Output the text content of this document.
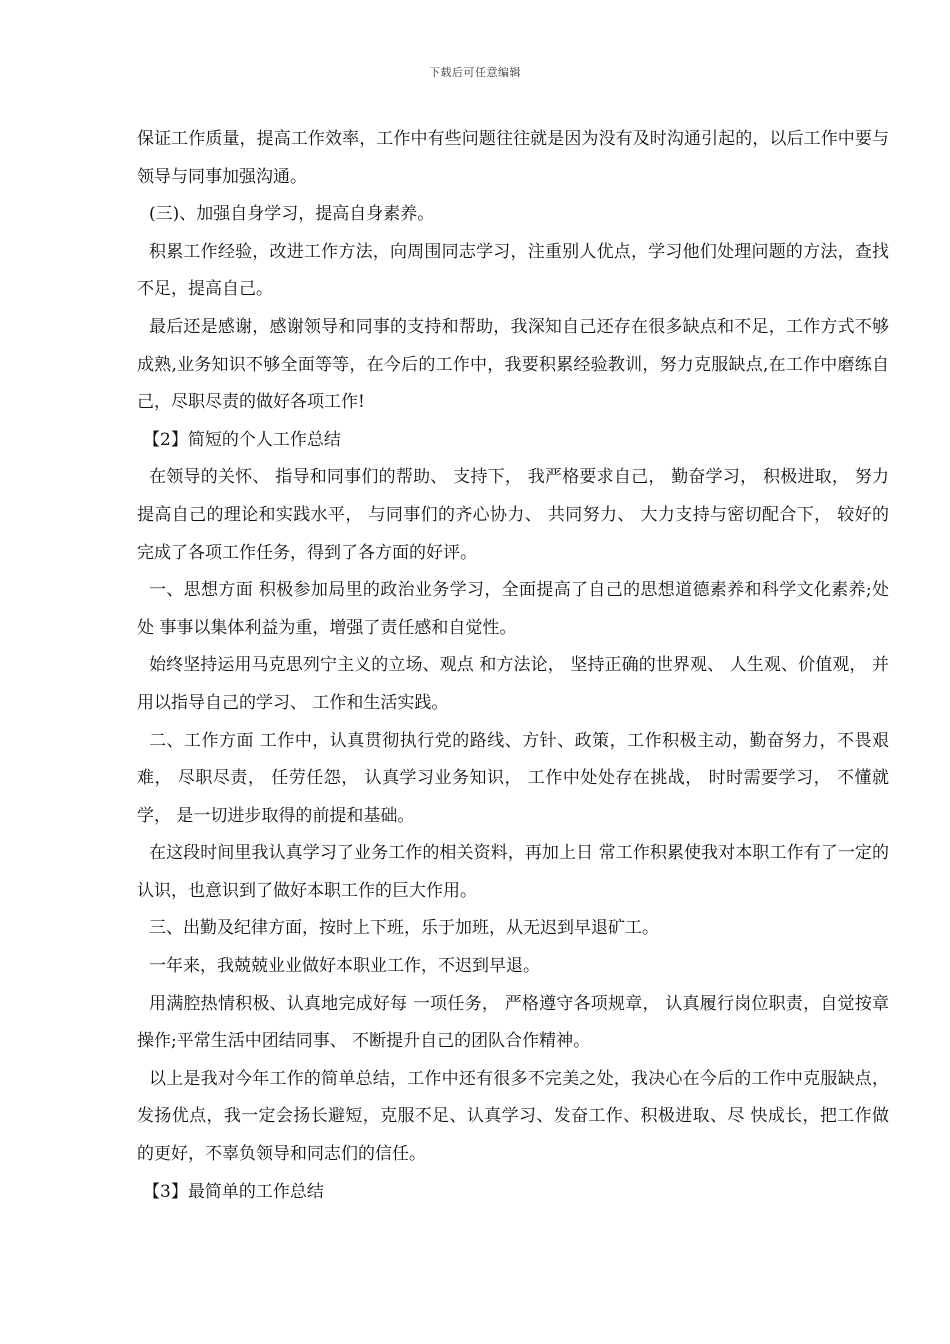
下载后可任意编辑

保证工作质量，提高工作效率，工作中有些问题往往就是因为没有及时沟通引起的，以后工作中要与领导与同事加强沟通。

(三)、加强自身学习，提高自身素养。

积累工作经验，改进工作方法，向周围同志学习，注重别人优点，学习他们处理问题的方法，查找不足，提高自己。

最后还是感谢，感谢领导和同事的支持和帮助，我深知自己还存在很多缺点和不足，工作方式不够成熟,业务知识不够全面等等，在今后的工作中，我要积累经验教训，努力克服缺点,在工作中磨练自己，尽职尽责的做好各项工作!

【2】简短的个人工作总结

在领导的关怀、 指导和同事们的帮助、 支持下， 我严格要求自己， 勤奋学习， 积极进取， 努力提高自己的理论和实践水平， 与同事们的齐心协力、 共同努力、 大力支持与密切配合下， 较好的完成了各项工作任务，得到了各方面的好评。

一、思想方面 积极参加局里的政治业务学习，全面提高了自己的思想道德素养和科学文化素养;处处 事事以集体利益为重，增强了责任感和自觉性。

始终坚持运用马克思列宁主义的立场、观点 和方法论， 坚持正确的世界观、 人生观、价值观， 并用以指导自己的学习、 工作和生活实践。

二、工作方面 工作中，认真贯彻执行党的路线、方针、政策，工作积极主动，勤奋努力，不畏艰难， 尽职尽责， 任劳任怨， 认真学习业务知识， 工作中处处存在挑战， 时时需要学习， 不懂就学， 是一切进步取得的前提和基础。

在这段时间里我认真学习了业务工作的相关资料，再加上日 常工作积累使我对本职工作有了一定的认识，也意识到了做好本职工作的巨大作用。

三、出勤及纪律方面，按时上下班，乐于加班，从无迟到早退矿工。

一年来，我兢兢业业做好本职业工作，不迟到早退。

用满腔热情积极、认真地完成好每 一项任务， 严格遵守各项规章， 认真履行岗位职责，自觉按章操作;平常生活中团结同事、 不断提升自己的团队合作精神。

以上是我对今年工作的简单总结，工作中还有很多不完美之处，我决心在今后的工作中克服缺点，发扬优点，我一定会扬长避短，克服不足、认真学习、发奋工作、积极进取、尽 快成长，把工作做的更好，不辜负领导和同志们的信任。

【3】最简单的工作总结
